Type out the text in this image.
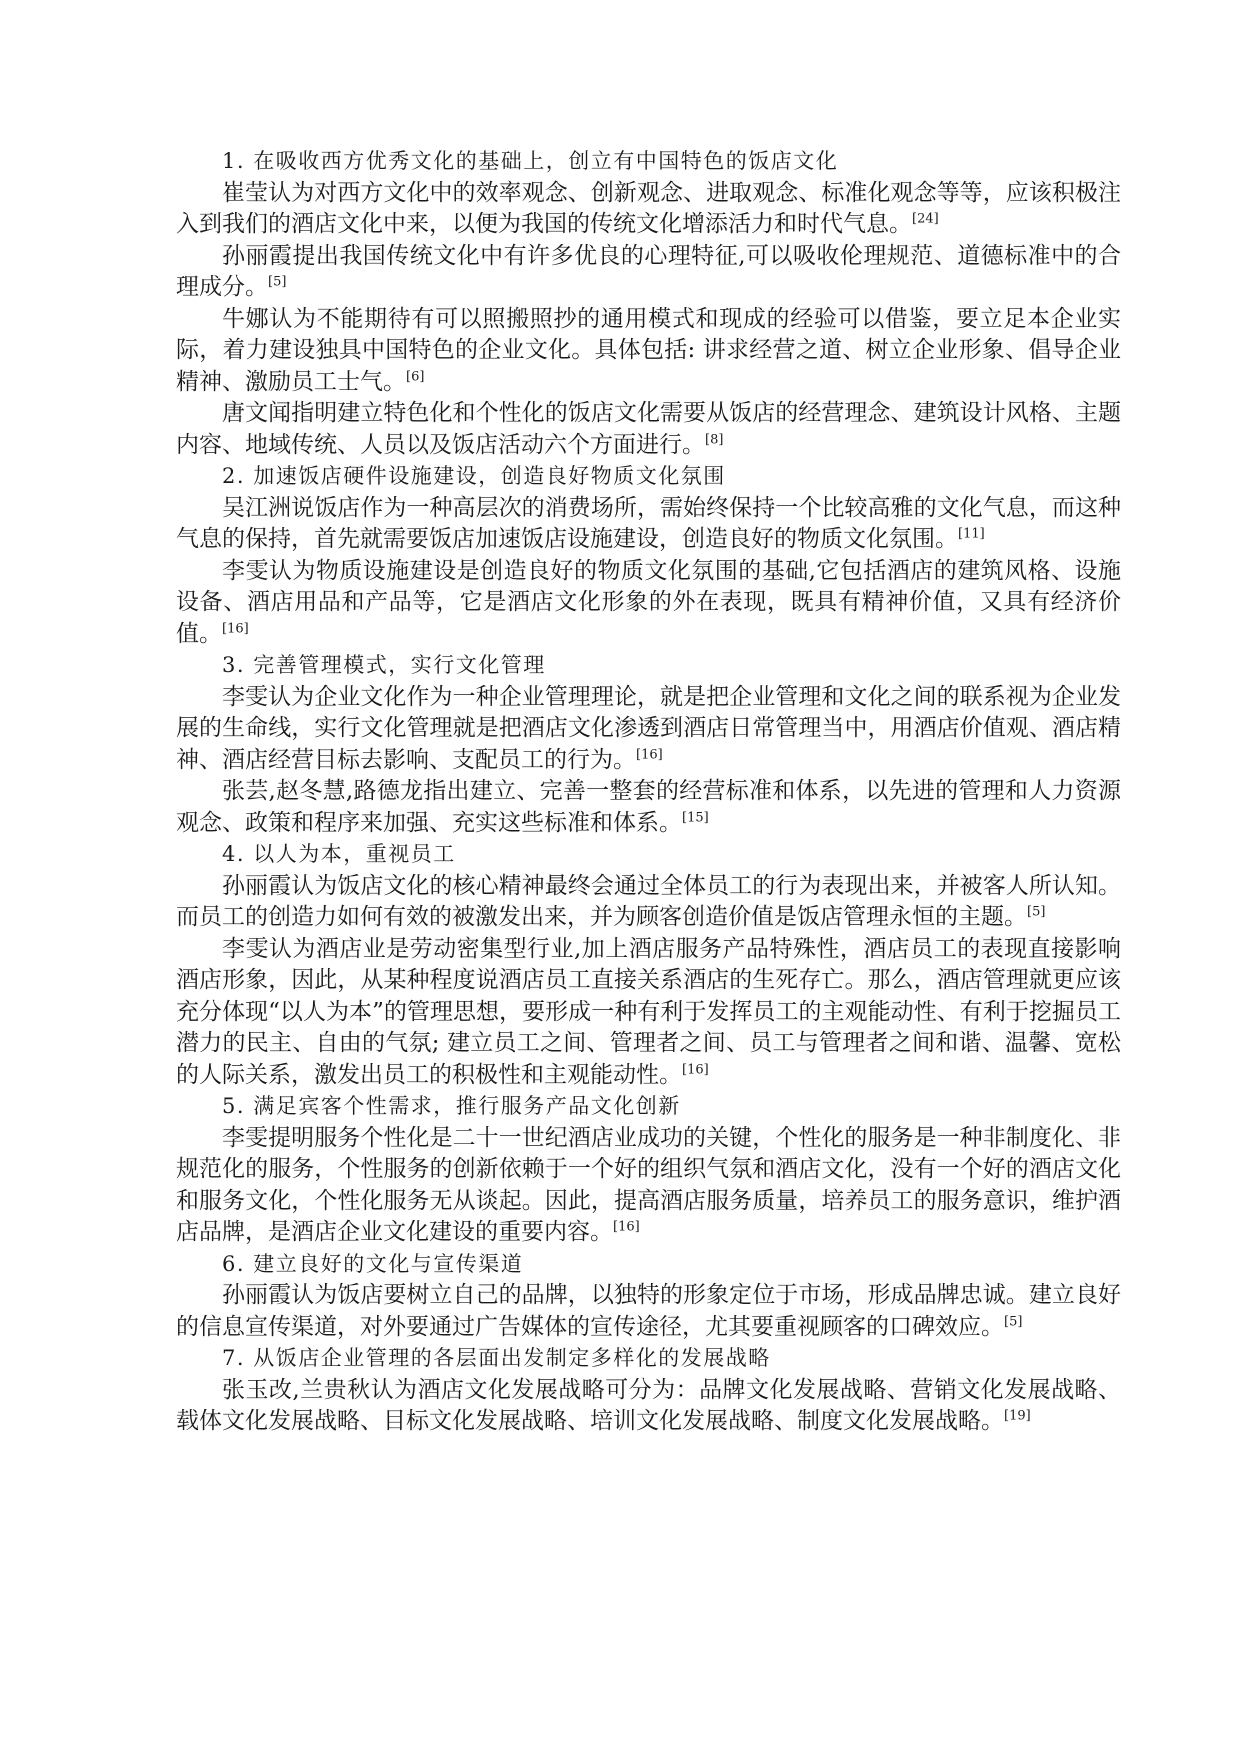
1. 在吸收西方优秀文化的基础上，创立有中国特色的饭店文化

崔莹认为对西方文化中的效率观念、创新观念、进取观念、标准化观念等等，应该积极注入到我们的酒店文化中来，以便为我国的传统文化增添活力和时代气息。[24]

孙丽霞提出我国传统文化中有许多优良的心理特征,可以吸收伦理规范、道德标准中的合理成分。[5]

牛娜认为不能期待有可以照搬照抄的通用模式和现成的经验可以借鉴，要立足本企业实际，着力建设独具中国特色的企业文化。具体包括: 讲求经营之道、树立企业形象、倡导企业精神、激励员工士气。[6]

唐文闻指明建立特色化和个性化的饭店文化需要从饭店的经营理念、建筑设计风格、主题内容、地域传统、人员以及饭店活动六个方面进行。[8]

2. 加速饭店硬件设施建设，创造良好物质文化氛围

吴江洲说饭店作为一种高层次的消费场所，需始终保持一个比较高雅的文化气息，而这种气息的保持，首先就需要饭店加速饭店设施建设，创造良好的物质文化氛围。[11]

李雯认为物质设施建设是创造良好的物质文化氛围的基础,它包括酒店的建筑风格、设施设备、酒店用品和产品等，它是酒店文化形象的外在表现，既具有精神价值，又具有经济价值。[16]

3. 完善管理模式，实行文化管理

李雯认为企业文化作为一种企业管理理论，就是把企业管理和文化之间的联系视为企业发展的生命线，实行文化管理就是把酒店文化渗透到酒店日常管理当中，用酒店价值观、酒店精神、酒店经营目标去影响、支配员工的行为。[16]

张芸,赵冬慧,路德龙指出建立、完善一整套的经营标准和体系，以先进的管理和人力资源观念、政策和程序来加强、充实这些标准和体系。[15]

4. 以人为本，重视员工

孙丽霞认为饭店文化的核心精神最终会通过全体员工的行为表现出来，并被客人所认知。而员工的创造力如何有效的被激发出来，并为顾客创造价值是饭店管理永恒的主题。[5]

李雯认为酒店业是劳动密集型行业,加上酒店服务产品特殊性，酒店员工的表现直接影响酒店形象，因此，从某种程度说酒店员工直接关系酒店的生死存亡。那么，酒店管理就更应该充分体现“以人为本”的管理思想，要形成一种有利于发挥员工的主观能动性、有利于挖掘员工潜力的民主、自由的气氛; 建立员工之间、管理者之间、员工与管理者之间和谐、温馨、宽松的人际关系，激发出员工的积极性和主观能动性。[16]

5. 满足宾客个性需求，推行服务产品文化创新

李雯提明服务个性化是二十一世纪酒店业成功的关键，个性化的服务是一种非制度化、非规范化的服务，个性服务的创新依赖于一个好的组织气氛和酒店文化，没有一个好的酒店文化和服务文化，个性化服务无从谈起。因此，提高酒店服务质量，培养员工的服务意识，维护酒店品牌，是酒店企业文化建设的重要内容。[16]

6. 建立良好的文化与宣传渠道

孙丽霞认为饭店要树立自己的品牌，以独特的形象定位于市场，形成品牌忠诚。建立良好的信息宣传渠道，对外要通过广告媒体的宣传途径，尤其要重视顾客的口碑效应。[5]

7. 从饭店企业管理的各层面出发制定多样化的发展战略

张玉改,兰贵秋认为酒店文化发展战略可分为：品牌文化发展战略、营销文化发展战略、载体文化发展战略、目标文化发展战略、培训文化发展战略、制度文化发展战略。[19]
